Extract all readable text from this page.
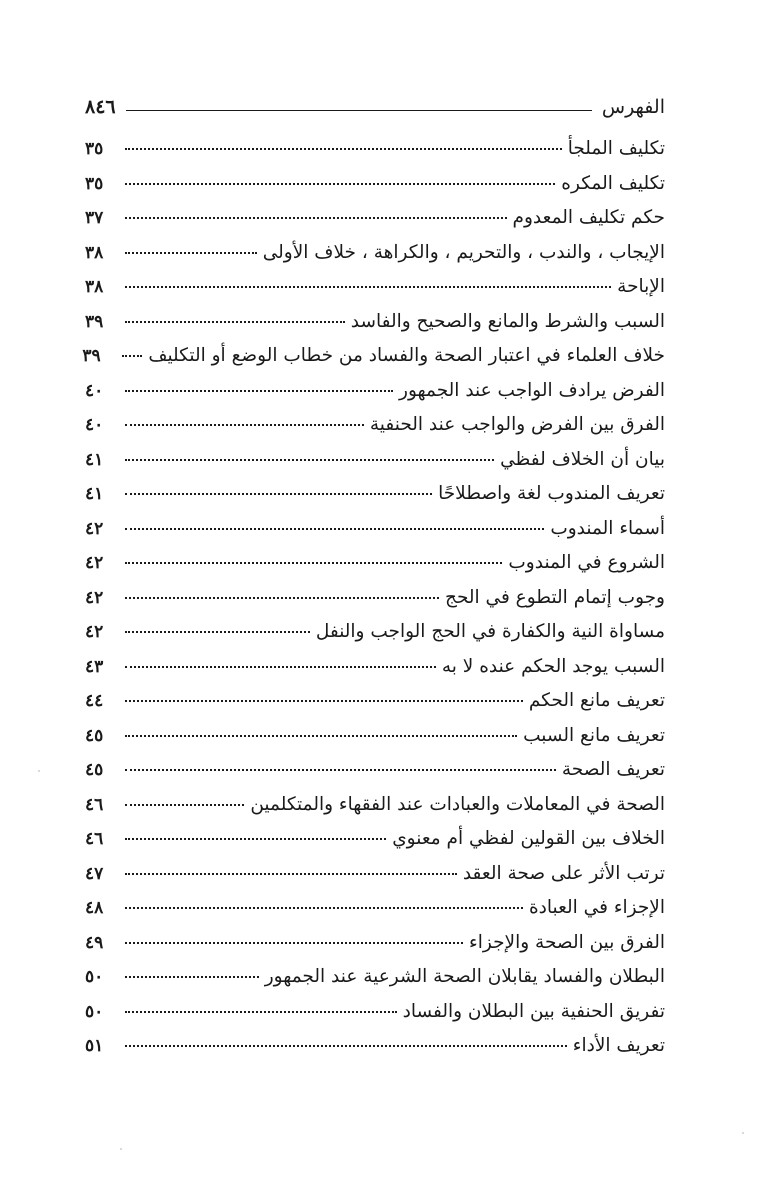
الفهرس
٨٤٦
تكليف الملجأ
٣٥
تكليف المكره
٣٥
حكم تكليف المعدوم
٣٧
الإيجاب ، والندب ، والتحريم ، والكراهة ، خلاف الأولى
٣٨
الإباحة
٣٨
السبب والشرط والمانع والصحيح والفاسد
٣٩
خلاف العلماء في اعتبار الصحة والفساد من خطاب الوضع أو التكليف
٣٩
الفرض يرادف الواجب عند الجمهور
٤٠
الفرق بين الفرض والواجب عند الحنفية
٤٠
بيان أن الخلاف لفظي
٤١
تعريف المندوب لغة واصطلاحًا
٤١
أسماء المندوب
٤٢
الشروع في المندوب
٤٢
وجوب إتمام التطوع في الحج
٤٢
مساواة النية والكفارة في الحج الواجب والنفل
٤٢
السبب يوجد الحكم عنده لا به
٤٣
تعريف مانع الحكم
٤٤
تعريف مانع السبب
٤٥
تعريف الصحة
٤٥
الصحة في المعاملات والعبادات عند الفقهاء والمتكلمين
٤٦
الخلاف بين القولين لفظي أم معنوي
٤٦
ترتب الأثر على صحة العقد
٤٧
الإجزاء في العبادة
٤٨
الفرق بين الصحة والإجزاء
٤٩
البطلان والفساد يقابلان الصحة الشرعية عند الجمهور
٥٠
تفريق الحنفية بين البطلان والفساد
٥٠
تعريف الأداء
٥١
